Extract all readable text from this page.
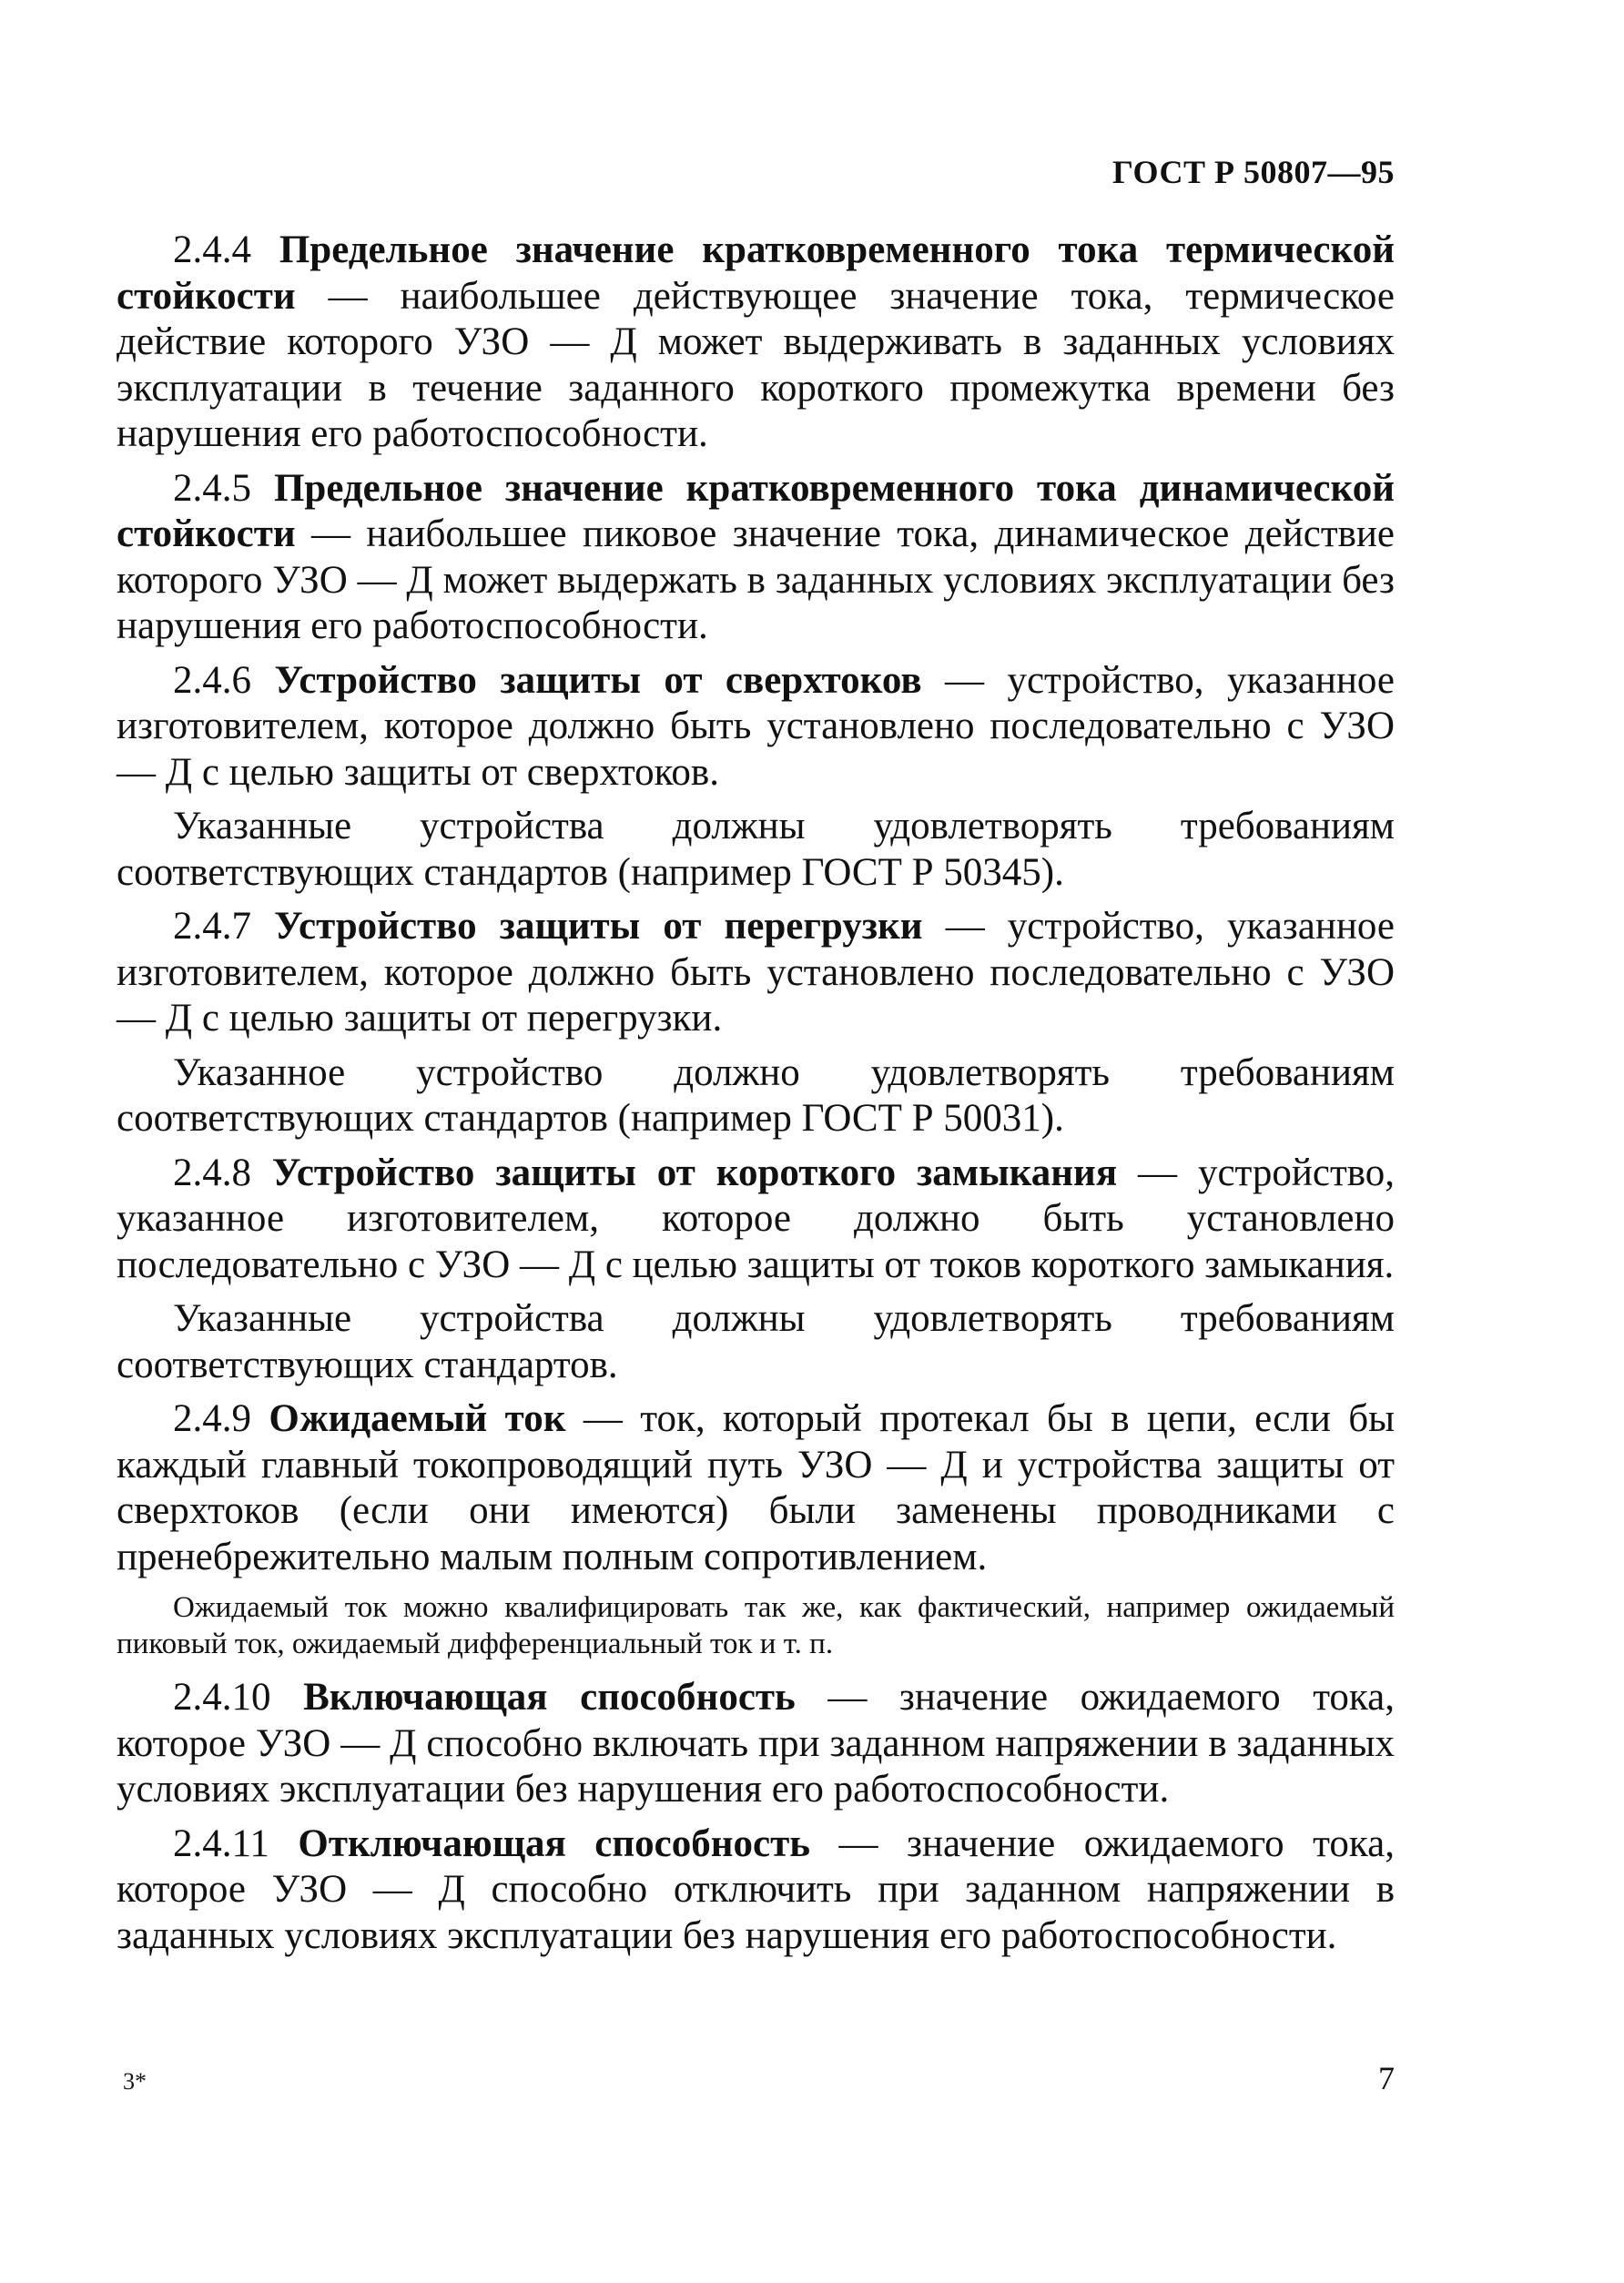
ГОСТ Р 50807—95

2.4.4 Предельное значение кратковременного тока термической стойкости — наибольшее действующее значение тока, термическое действие которого УЗО — Д может выдерживать в заданных условиях эксплуатации в течение заданного короткого промежутка времени без нарушения его работоспособности.

2.4.5 Предельное значение кратковременного тока динамической стойкости — наибольшее пиковое значение тока, динамическое действие которого УЗО — Д может выдержать в заданных условиях эксплуатации без нарушения его работоспособности.

2.4.6 Устройство защиты от сверхтоков — устройство, указанное изготовителем, которое должно быть установлено последовательно с УЗО — Д с целью защиты от сверхтоков.

Указанные устройства должны удовлетворять требованиям соответствующих стандартов (например ГОСТ Р 50345).

2.4.7 Устройство защиты от перегрузки — устройство, указанное изготовителем, которое должно быть установлено последовательно с УЗО — Д с целью защиты от перегрузки.

Указанное устройство должно удовлетворять требованиям соответствующих стандартов (например ГОСТ Р 50031).

2.4.8 Устройство защиты от короткого замыкания — устройство, указанное изготовителем, которое должно быть установлено последовательно с УЗО — Д с целью защиты от токов короткого замыкания.

Указанные устройства должны удовлетворять требованиям соответствующих стандартов.

2.4.9 Ожидаемый ток — ток, который протекал бы в цепи, если бы каждый главный токопроводящий путь УЗО — Д и устройства защиты от сверхтоков (если они имеются) были заменены проводниками с пренебрежительно малым полным сопротивлением.

Ожидаемый ток можно квалифицировать так же, как фактический, например ожидаемый пиковый ток, ожидаемый дифференциальный ток и т. п.

2.4.10 Включающая способность — значение ожидаемого тока, которое УЗО — Д способно включать при заданном напряжении в заданных условиях эксплуатации без нарушения его работоспособности.

2.4.11 Отключающая способность — значение ожидаемого тока, которое УЗО — Д способно отключить при заданном напряжении в заданных условиях эксплуатации без нарушения его работоспособности.

3*	7
